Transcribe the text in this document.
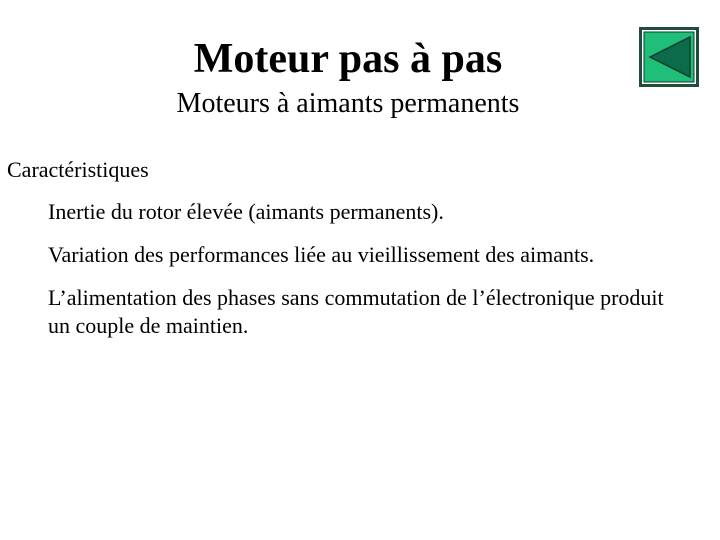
Moteur pas à pas
Moteurs à aimants permanents
Caractéristiques
Inertie du rotor élevée (aimants permanents).
Variation des performances liée au vieillissement des aimants.
L’alimentation des phases sans commutation de l’électronique produit un couple de maintien.
